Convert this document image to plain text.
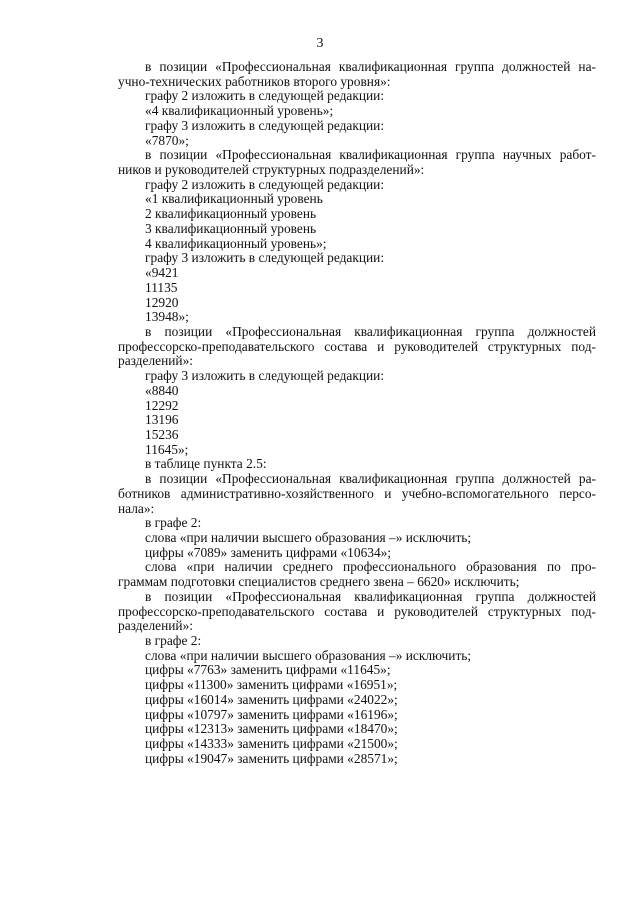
3
в позиции «Профессиональная квалификационная группа должностей на-
учно-технических работников второго уровня»:
графу 2 изложить в следующей редакции:
«4 квалификационный уровень»;
графу 3 изложить в следующей редакции:
«7870»;
в позиции «Профессиональная квалификационная группа научных работ-
ников и руководителей структурных подразделений»:
графу 2 изложить в следующей редакции:
«1 квалификационный уровень
2 квалификационный уровень
3 квалификационный уровень
4 квалификационный уровень»;
графу 3 изложить в следующей редакции:
«9421
11135
12920
13948»;
в позиции «Профессиональная квалификационная группа должностей
профессорско-преподавательского состава и руководителей структурных под-
разделений»:
графу 3 изложить в следующей редакции:
«8840
12292
13196
15236
11645»;
в таблице пункта 2.5:
в позиции «Профессиональная квалификационная группа должностей ра-
ботников административно-хозяйственного и учебно-вспомогательного персо-
нала»:
в графе 2:
слова «при наличии высшего образования –» исключить;
цифры «7089» заменить цифрами «10634»;
слова «при наличии среднего профессионального образования по про-
граммам подготовки специалистов среднего звена – 6620» исключить;
в позиции «Профессиональная квалификационная группа должностей
профессорско-преподавательского состава и руководителей структурных под-
разделений»:
в графе 2:
слова «при наличии высшего образования –» исключить;
цифры «7763» заменить цифрами «11645»;
цифры «11300» заменить цифрами «16951»;
цифры «16014» заменить цифрами «24022»;
цифры «10797» заменить цифрами «16196»;
цифры «12313» заменить цифрами «18470»;
цифры «14333» заменить цифрами «21500»;
цифры «19047» заменить цифрами «28571»;
